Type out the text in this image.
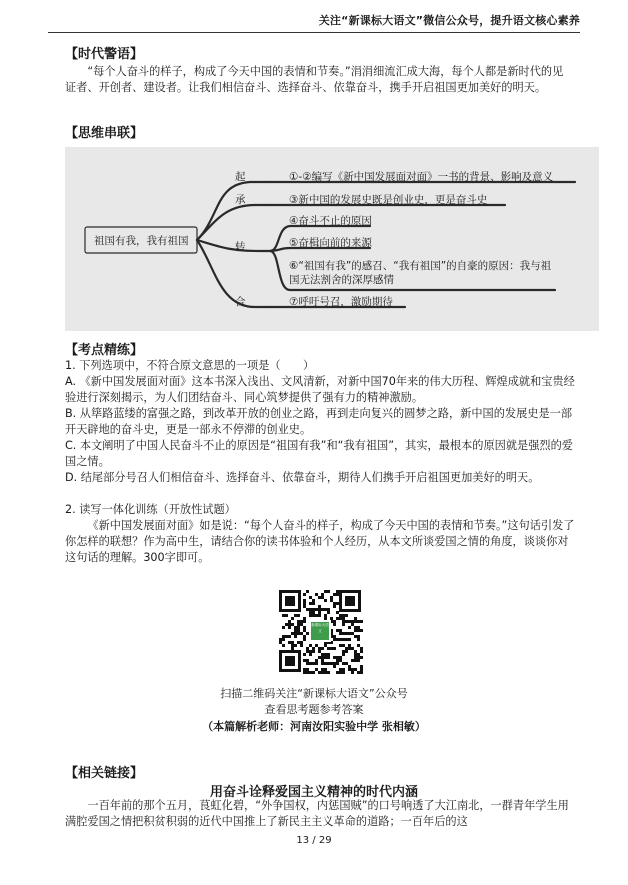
关注“新课标大语文”微信公众号，提升语文核心素养
【时代警语】
“每个人奋斗的样子，构成了今天中国的表情和节奏。”涓涓细流汇成大海，每个人都是新时代的见证者、开创者、建设者。让我们相信奋斗、选择奋斗、依靠奋斗，携手开启祖国更加美好的明天。
【思维串联】
祖国有我，我有祖国
起
承
转
合
①-②编写《新中国发展面对面》一书的背景、影响及意义
③新中国的发展史既是创业史，更是奋斗史
④奋斗不止的原因
⑤奋楫向前的来源
⑥“祖国有我”的感召、“我有祖国”的自豪的原因：我与祖国无法割舍的深厚感情
⑦呼吁号召，激励期待
【考点精练】
1. 下列选项中，不符合原文意思的一项是（　　）
A. 《新中国发展面对面》这本书深入浅出、文风清新，对新中国70年来的伟大历程、辉煌成就和宝贵经验进行深刻揭示，为人们团结奋斗、同心筑梦提供了强有力的精神激励。
B. 从筚路蓝缕的富强之路，到改革开放的创业之路，再到走向复兴的圆梦之路，新中国的发展史是一部开天辟地的奋斗史，更是一部永不停滞的创业史。
C. 本文阐明了中国人民奋斗不止的原因是“祖国有我”和“我有祖国”，其实，最根本的原因就是强烈的爱国之情。
D. 结尾部分号召人们相信奋斗、选择奋斗、依靠奋斗，期待人们携手开启祖国更加美好的明天。
2. 读写一体化训练（开放性试题）
《新中国发展面对面》如是说：“每个人奋斗的样子，构成了今天中国的表情和节奏。”这句话引发了你怎样的联想？作为高中生，请结合你的读书体验和个人经历，从本文所谈爱国之情的角度，谈谈你对这句话的理解。300字即可。
新课标大语文
扫描二维码关注“新课标大语文”公众号
查看思考题参考答案
（本篇解析老师：河南汝阳实验中学 张相敏）
【相关链接】
用奋斗诠释爱国主义精神的时代内涵
一百年前的那个五月，茛虹化碧，“外争国权，内惩国贼”的口号响透了大江南北，一群青年学生用满腔爱国之情把积贫积弱的近代中国推上了新民主主义革命的道路；一百年后的这
13 / 29
